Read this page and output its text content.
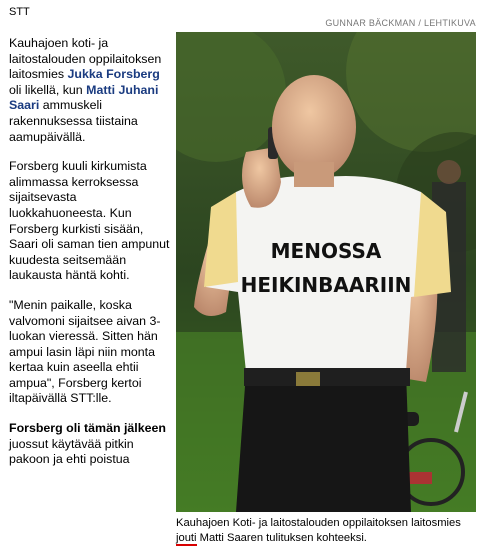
STT
GUNNAR BÄCKMAN / LEHTIKUVA

Kauhajoen koti- ja laitostalouden oppilaitoksen laitosmies Jukka Forsberg oli likellä, kun Matti Juhani Saari ammuskeli rakennuksessa tiistaina aamupäivällä.

Forsberg kuuli kirkumista alimmassa kerroksessa sijaitsevasta luokkahuoneesta. Kun Forsberg kurkisti sisään, Saari oli saman tien ampunut kuudesta seitsemään laukausta häntä kohti.

"Menin paikalle, koska valvomoni sijaitsee aivan 3-luokan vieressä. Sitten hän ampui lasin läpi niin monta kertaa kuin aseella ehtii ampua", Forsberg kertoi iltapäivällä STT:lle.

Forsberg oli tämän jälkeen juossut käytävää pitkin pakoon ja ehti poistua

MENOSSA
HEIKINBAARIIN
Kauhajoen Koti- ja laitostalouden oppilaitoksen laitosmies jouti Matti Saaren tulituksen kohteeksi.
